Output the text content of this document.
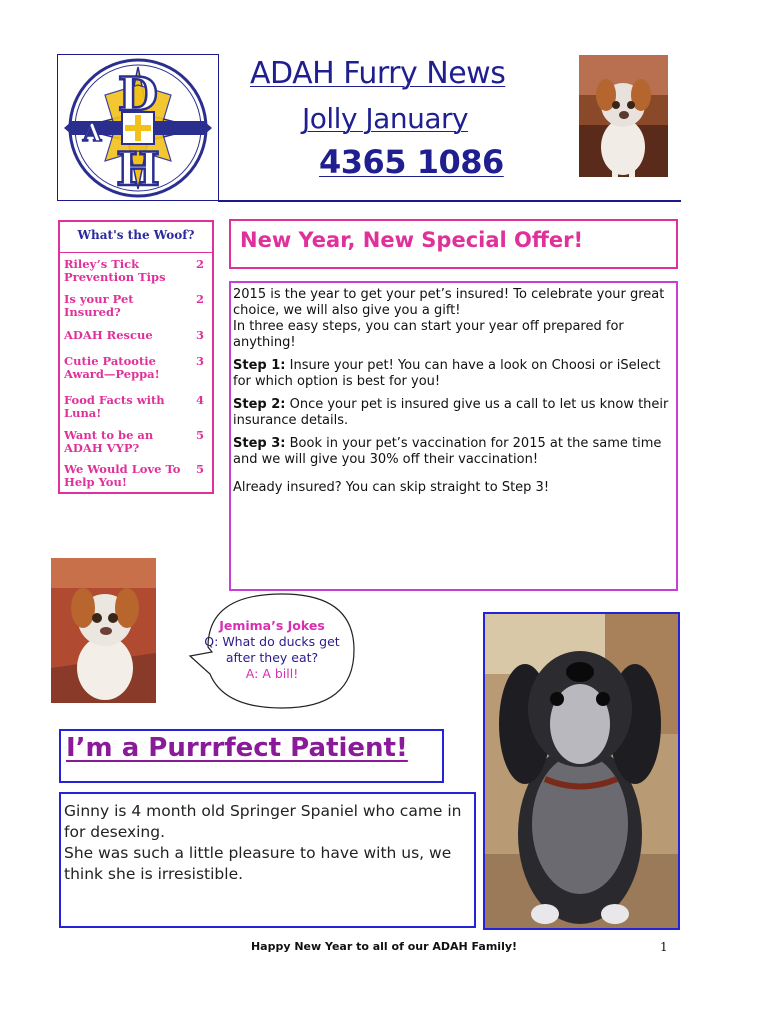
D
A
H
ADAH Furry News
Jolly January
4365 1086
What's the Woof?
Riley’s Tick Prevention Tips
2
Is your Pet Insured?
2
ADAH Rescue	3
Cutie Patootie Award—Peppa!
3
Food Facts with Luna!
4
Want to be an ADAH VYP?
5
We Would Love To Help You!
5
New Year, New Special Offer!

2015 is the year to get your pet’s insured! To celebrate your great choice, we will also give you a gift!
In three easy steps, you can start your year off prepared for anything!

Step 1: Insure your pet! You can have a look on Choosi or iSelect for which option is best for you!

Step 2: Once your pet is insured give us a call to let us know their insurance details.

Step 3: Book in your pet’s vaccination for 2015 at the same time and we will give you 30% off their vaccination!

Already insured? You can skip straight to Step 3!

Jemima’s Jokes
Q: What do ducks get after they eat?
A: A bill!
I’m a Purrrfect Patient!
Ginny is 4 month old Springer Spaniel who came in for desexing.
She was such a little pleasure to have with us, we think she is irresistible.
Happy New Year to all of our ADAH Family!	1
